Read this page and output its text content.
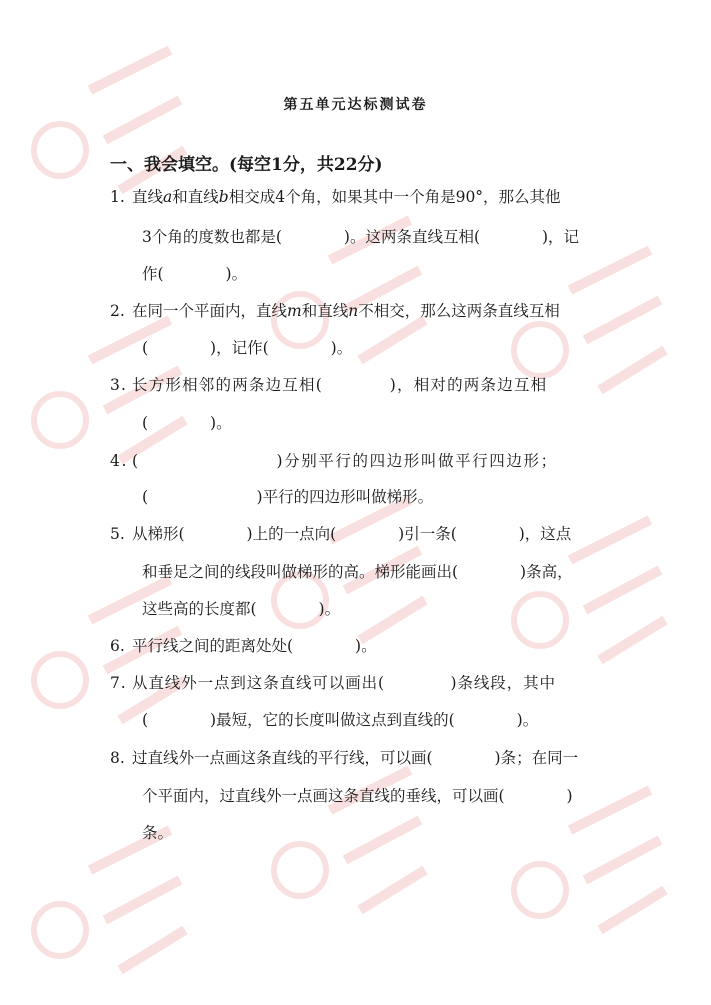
第五单元达标测试卷
一、我会填空。(每空1分，共22分)
1. 直线a和直线b相交成4个角，如果其中一个角是90°，那么其他
3个角的度数也都是(　　　　)。这两条直线互相(　　　　)，记
作(　　　　)。
2. 在同一个平面内，直线m和直线n不相交，那么这两条直线互相
(　　　　)，记作(　　　　)。
3. 长方形相邻的两条边互相(　　　　)，相对的两条边互相
(　　　　)。
4. (　　　　　　　　)分别平行的四边形叫做平行四边形；
(　　　　　　　)平行的四边形叫做梯形。
5. 从梯形(　　　　)上的一点向(　　　　)引一条(　　　　)，这点
和垂足之间的线段叫做梯形的高。梯形能画出(　　　　)条高，
这些高的长度都(　　　　)。
6. 平行线之间的距离处处(　　　　)。
7. 从直线外一点到这条直线可以画出(　　　　)条线段，其中
(　　　　)最短，它的长度叫做这点到直线的(　　　　)。
8. 过直线外一点画这条直线的平行线，可以画(　　　　)条；在同一
个平面内，过直线外一点画这条直线的垂线，可以画(　　　　)
条。
